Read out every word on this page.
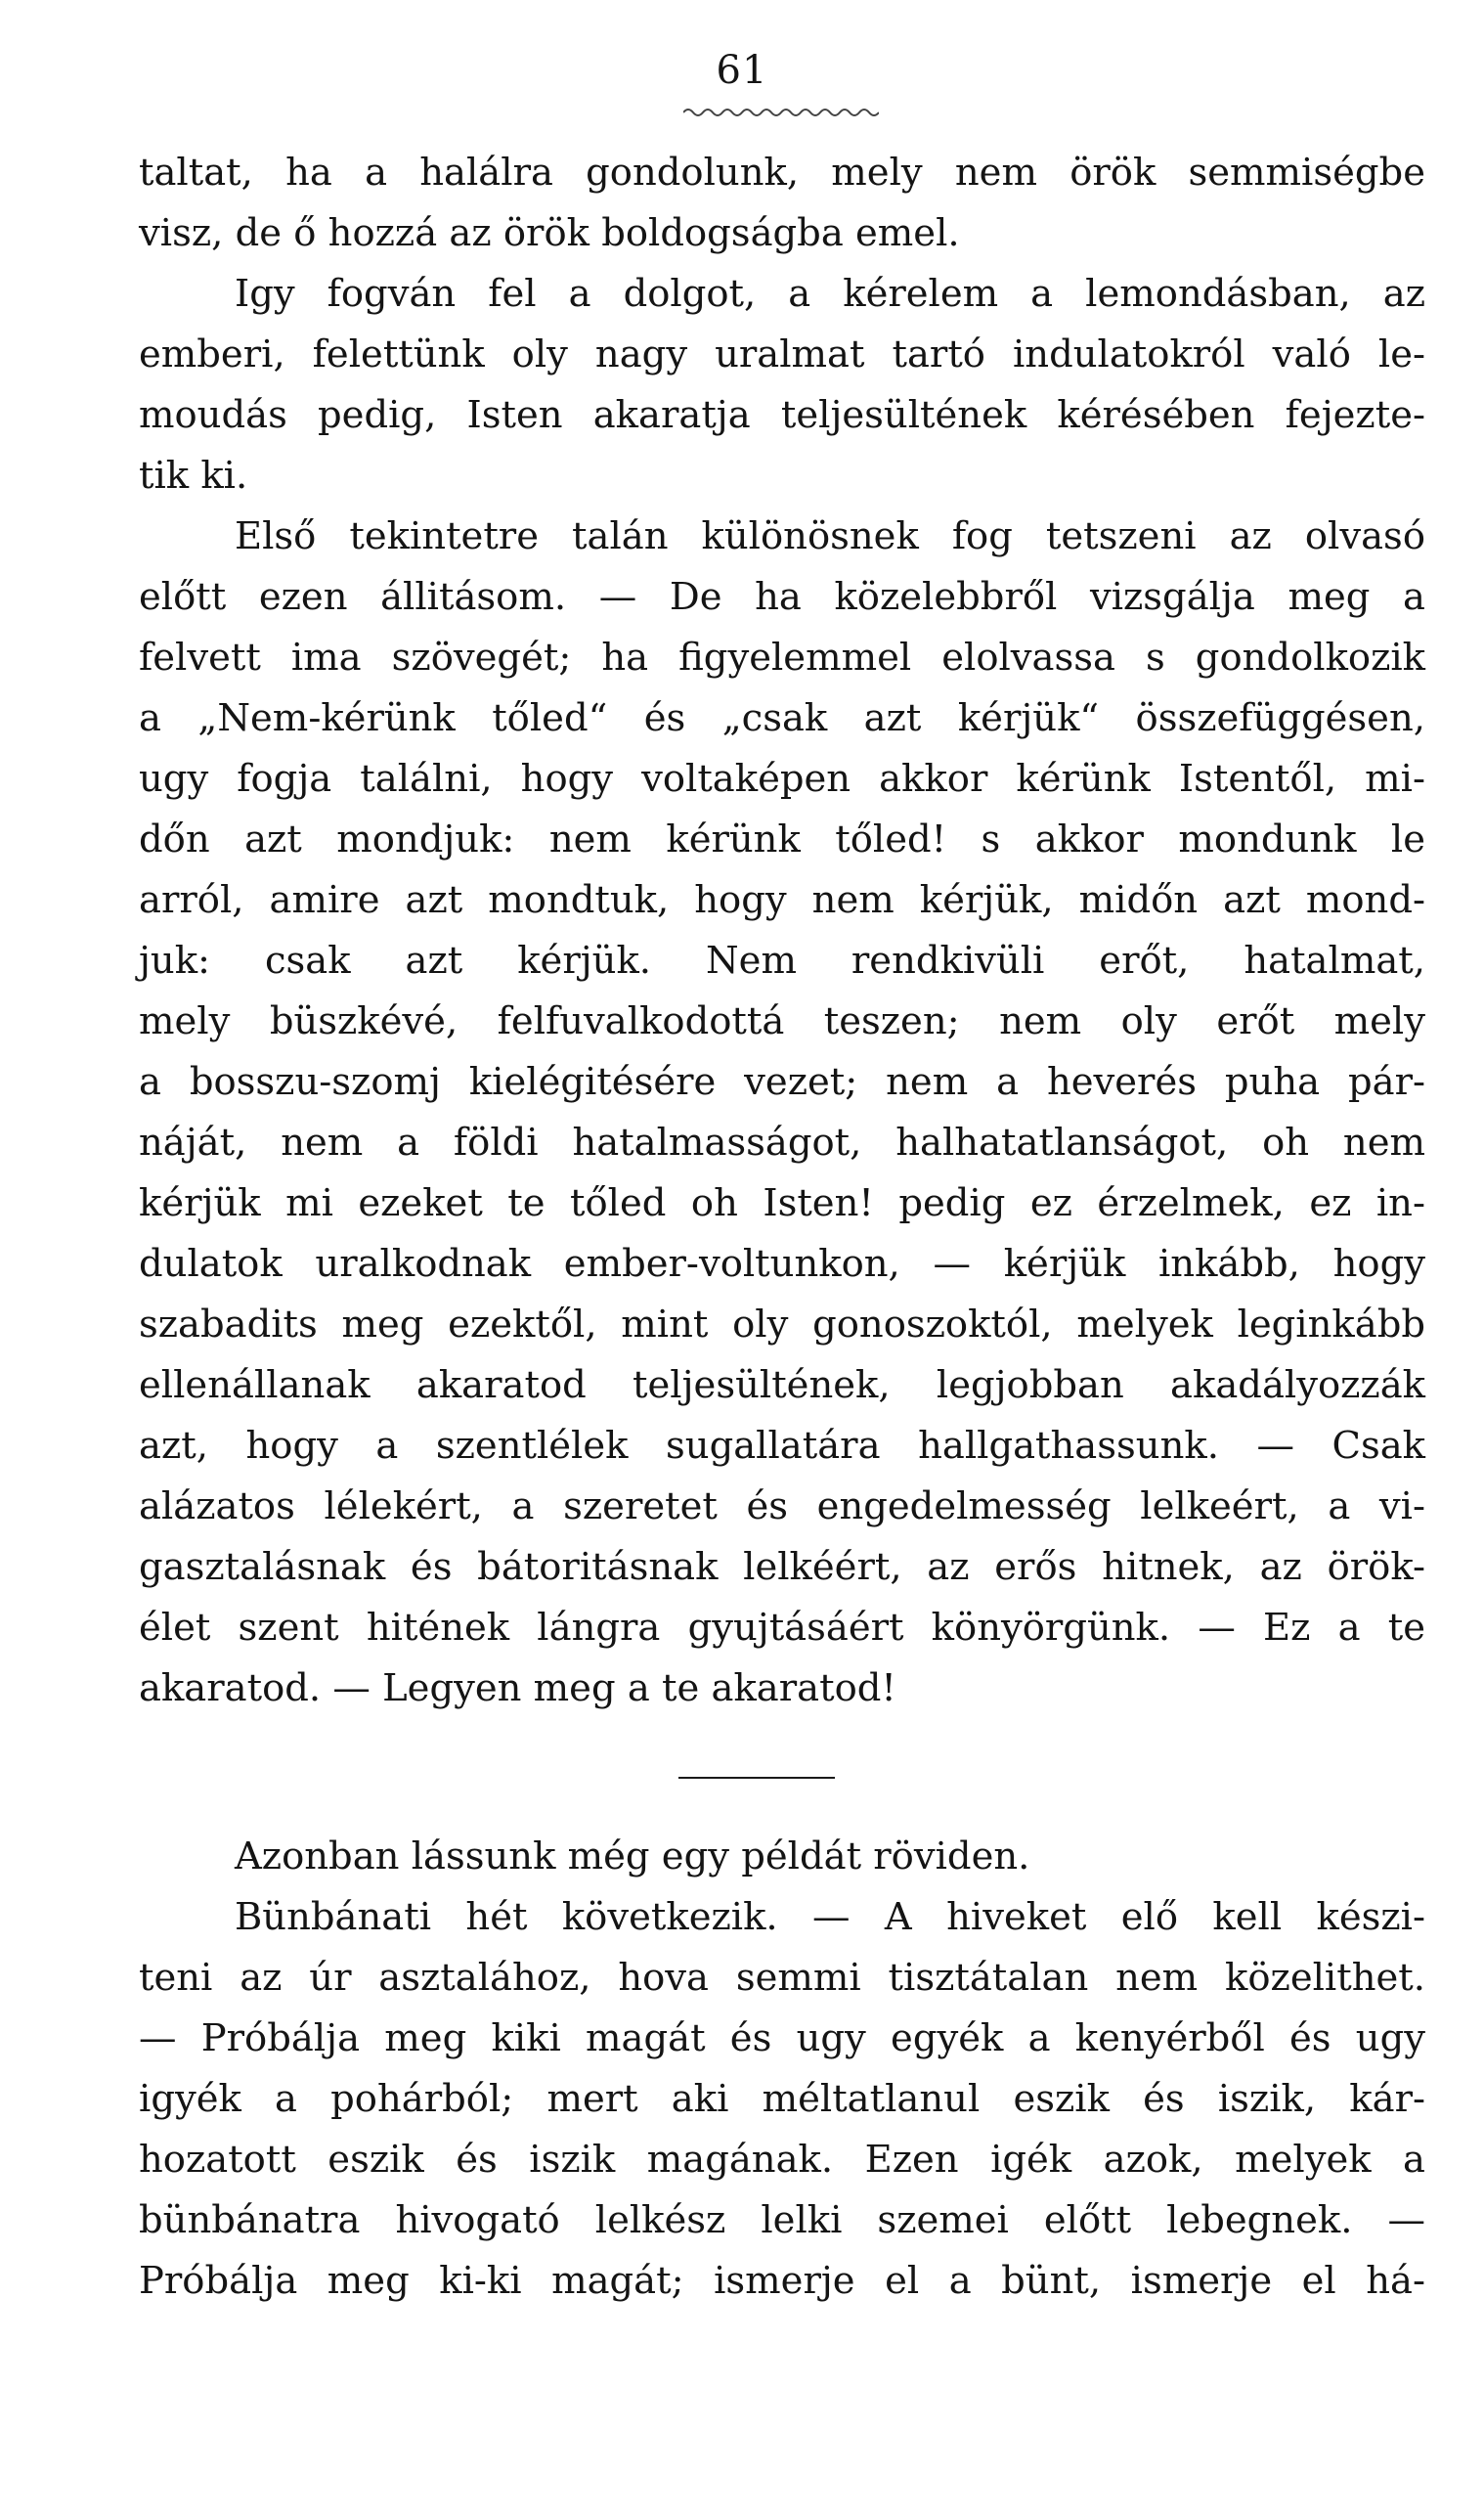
61
taltat, ha a halálra gondolunk, mely nem örök semmiségbe
visz, de ő hozzá az örök boldogságba emel.
Igy fogván fel a dolgot, a kérelem a lemondásban, az
emberi, felettünk oly nagy uralmat tartó indulatokról való le-
moudás pedig, Isten akaratja teljesültének kérésében fejezte-
tik ki.
Első tekintetre talán különösnek fog tetszeni az olvasó
előtt ezen állitásom. — De ha közelebbről vizsgálja meg a
felvett ima szövegét; ha figyelemmel elolvassa s gondolkozik
a „Nem-kérünk tőled“ és „csak azt kérjük“ összefüggésen,
ugy fogja találni, hogy voltaképen akkor kérünk Istentől, mi-
dőn azt mondjuk: nem kérünk tőled! s akkor mondunk le
arról, amire azt mondtuk, hogy nem kérjük, midőn azt mond-
juk: csak azt kérjük. Nem rendkivüli erőt, hatalmat,
mely büszkévé, felfuvalkodottá teszen; nem oly erőt mely
a bosszu-szomj kielégitésére vezet; nem a heverés puha pár-
náját, nem a földi hatalmasságot, halhatatlanságot, oh nem
kérjük mi ezeket te tőled oh Isten! pedig ez érzelmek, ez in-
dulatok uralkodnak ember-voltunkon, — kérjük inkább, hogy
szabadits meg ezektől, mint oly gonoszoktól, melyek leginkább
ellenállanak akaratod teljesültének, legjobban akadályozzák
azt, hogy a szentlélek sugallatára hallgathassunk. — Csak
alázatos lélekért, a szeretet és engedelmesség lelkeért, a vi-
gasztalásnak és bátoritásnak lelkéért, az erős hitnek, az örök-
élet szent hitének lángra gyujtásáért könyörgünk. — Ez a te
akaratod. — Legyen meg a te akaratod!
Azonban lássunk még egy példát röviden.
Bünbánati hét következik. — A hiveket elő kell készi-
teni az úr asztalához, hova semmi tisztátalan nem közelithet.
— Próbálja meg kiki magát és ugy egyék a kenyérből és ugy
igyék a pohárból; mert aki méltatlanul eszik és iszik, kár-
hozatott eszik és iszik magának. Ezen igék azok, melyek a
bünbánatra hivogató lelkész lelki szemei előtt lebegnek. —
Próbálja meg ki-ki magát; ismerje el a bünt, ismerje el há-
